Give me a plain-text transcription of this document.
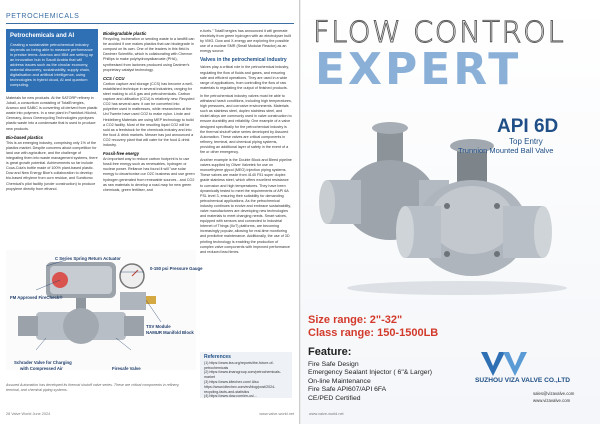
PETROCHEMICALS
Petrochemicals and AI

Creating a sustainable petrochemical industry depends on being able to measure performance in precise terms. Aramco and IBM are setting up an innovation hub in Saudi Arabia that will address issues such as the circular economy, material discovery, sustainability, supply chain, digitalisation and artificial intelligence, using technologies in hybrid cloud, AI and quantum computing.

Materials for new products. At the SATORP refinery in Jubail, a consortium consisting of TotalEnergies, Aramco and SABIC is converting oil derived from plastic waste into polymers. In a new plant in Frankfurt-Höchst, Germany, Arcus Greencycling Technologies pyrolyses plastic waste into a condensate that is used to produce new products.

Bio-based plastics

This is an emerging industry, comprising only 1% of the plastics market. Despite concerns about competition for land use with agriculture, and the challenge of integrating them into waste management systems, there is great growth potential. Achievements so far include Coca-Cola's bottle made of 100% plant-based plastic. Dow and New Energy Blue's collaboration to develop bio-based ethylene from corn residue, and Sumitomo Chemical's pilot facility (under construction) to produce propylene directly from ethanol.

Biodegradable plastic

Recycling, incineration or sending waste to a landfill can be avoided if one makes plastics that can biodegrade in compost on its own. One of the leaders in this field is Danimer Scientific, which is collaborating with Chevron Phillips to make polyhydroxyalkanoate (PHA), synthesised from lactones produced using Danimer's proprietary catalyst technology.

CCS / CCU

Carbon capture and storage (CCS) has become a well-established technique in several industries, ranging for steel making to oil & gas and petrochemicals. Carbon capture and utilisation (CCU) is relatively new. Recycled CO2 has several uses: it can be converted into polyether used in mattresses, while researchers at the Uni Twente have used CO2 to make nylon. Linde and Heidelberg Materials are using MEP technology to build a CO2 facility. Most of the resulting liquid CO2 will be sold as a feedstock for the chemicals industry and into the food & drink markets. Messer has just announced a CO2 recovery plant that will cater for the food & drink industry.

Fossil-free energy

An important way to reduce carbon footprint is to use fossil-free energy such as renewables, hydrogen or nuclear power. Reliance has found it will "use solar energy to decarbonise our O2C business and use green hydrogen generated from renewable sources - and CO2 as raw materials to develop a road-map for new green chemicals, green fertiliser, and

e-fuels." TotalEnergies has announced it will generate electricity from green hydrogen with an electrolyser built by VMG. Dow and X-energy are exploring the possible use of a nuclear SMR (Small Modular Reactor) as an energy source.

Valves in the petrochemical industry

Valves play a critical role in the petrochemical industry, regulating the flow of fluids and gases, and ensuring safe and efficient operations. They are used in a wide range of applications, from controlling the flow of raw materials to regulating the output of finished products.

In the petrochemical industry valves must be able to withstand harsh conditions, including high temperatures, high pressures, and corrosive environments. Materials such as stainless steel, duplex stainless steel, and nickel alloys are commonly used in valve construction to ensure durability and reliability. One example of a valve designed specifically for the petrochemical industry is the thermal shutoff valve series developed by Assured Automation. These valves are critical components in refinery, terminal, and chemical piping systems, providing an additional layer of safety in the event of a fire or other emergency.

Another example is the Double Block and Bleed pipeline valves supplied by Oliver Valvetek for use on monoethylene glycol (MEG) injection piping systems. These valves are made from 4140 F51 super duplex grade stainless steel, which offers excellent resistance to corrosion and high temperatures. They have been dynamically tested to meet the requirements of API 6A PSL level 3, ensuring their suitability for demanding petrochemical applications. As the petrochemical industry continues to evolve and embrace sustainability, valve manufacturers are developing new technologies and materials to meet changing needs. Smart valves, equipped with sensors and connected to Industrial Internet of Things (IIoT) platforms, are becoming increasingly popular, allowing for real-time monitoring and predictive maintenance. Additionally, the use of 3D printing technology is enabling the production of complex valve components with improved performance and reduced lead times.

C Series Spring Return Actuator
0-150 psi Pressure Gauge
FM Approved FireCheck®
TSV Module
NAMUR Manifold Block
Schrader Valve for Charging
with Compressed Air	Firesafe Valve
Assured Automation has developed its thermal shutoff valve series. These are critical components in refinery, terminal, and chemical piping systems.
References
(1) https://www.iea.org/reports/the-future-of-petrochemicals
(2) https://www.imarcgroup.com/petrochemicals-market
(3) https://www.idtechex.com/ Also https://www.idtechex.com/en/blog/post/2024-recycling-facts-and-statistics
(4) https://www.dow.com/en-us/...
28 Valve World June 2024	www.valve-world.net
FLOW CONTROL
EXPERT
API 6D
Top Entry
Trunnion Mounted Ball Valve
Size range: 2"-32"
Class range: 150-1500LB
Feature:
Fire Safe Design
Emergency Sealant Injector ( 6"& Larger)
On-line Maintenance
Fire Safe API607/API 6FA
CE/PED Certified
SUZHOU VIZA VALVE CO.,LTD
sales@vizavalve.com
www.vizavalve.com
www.valve-world.net
